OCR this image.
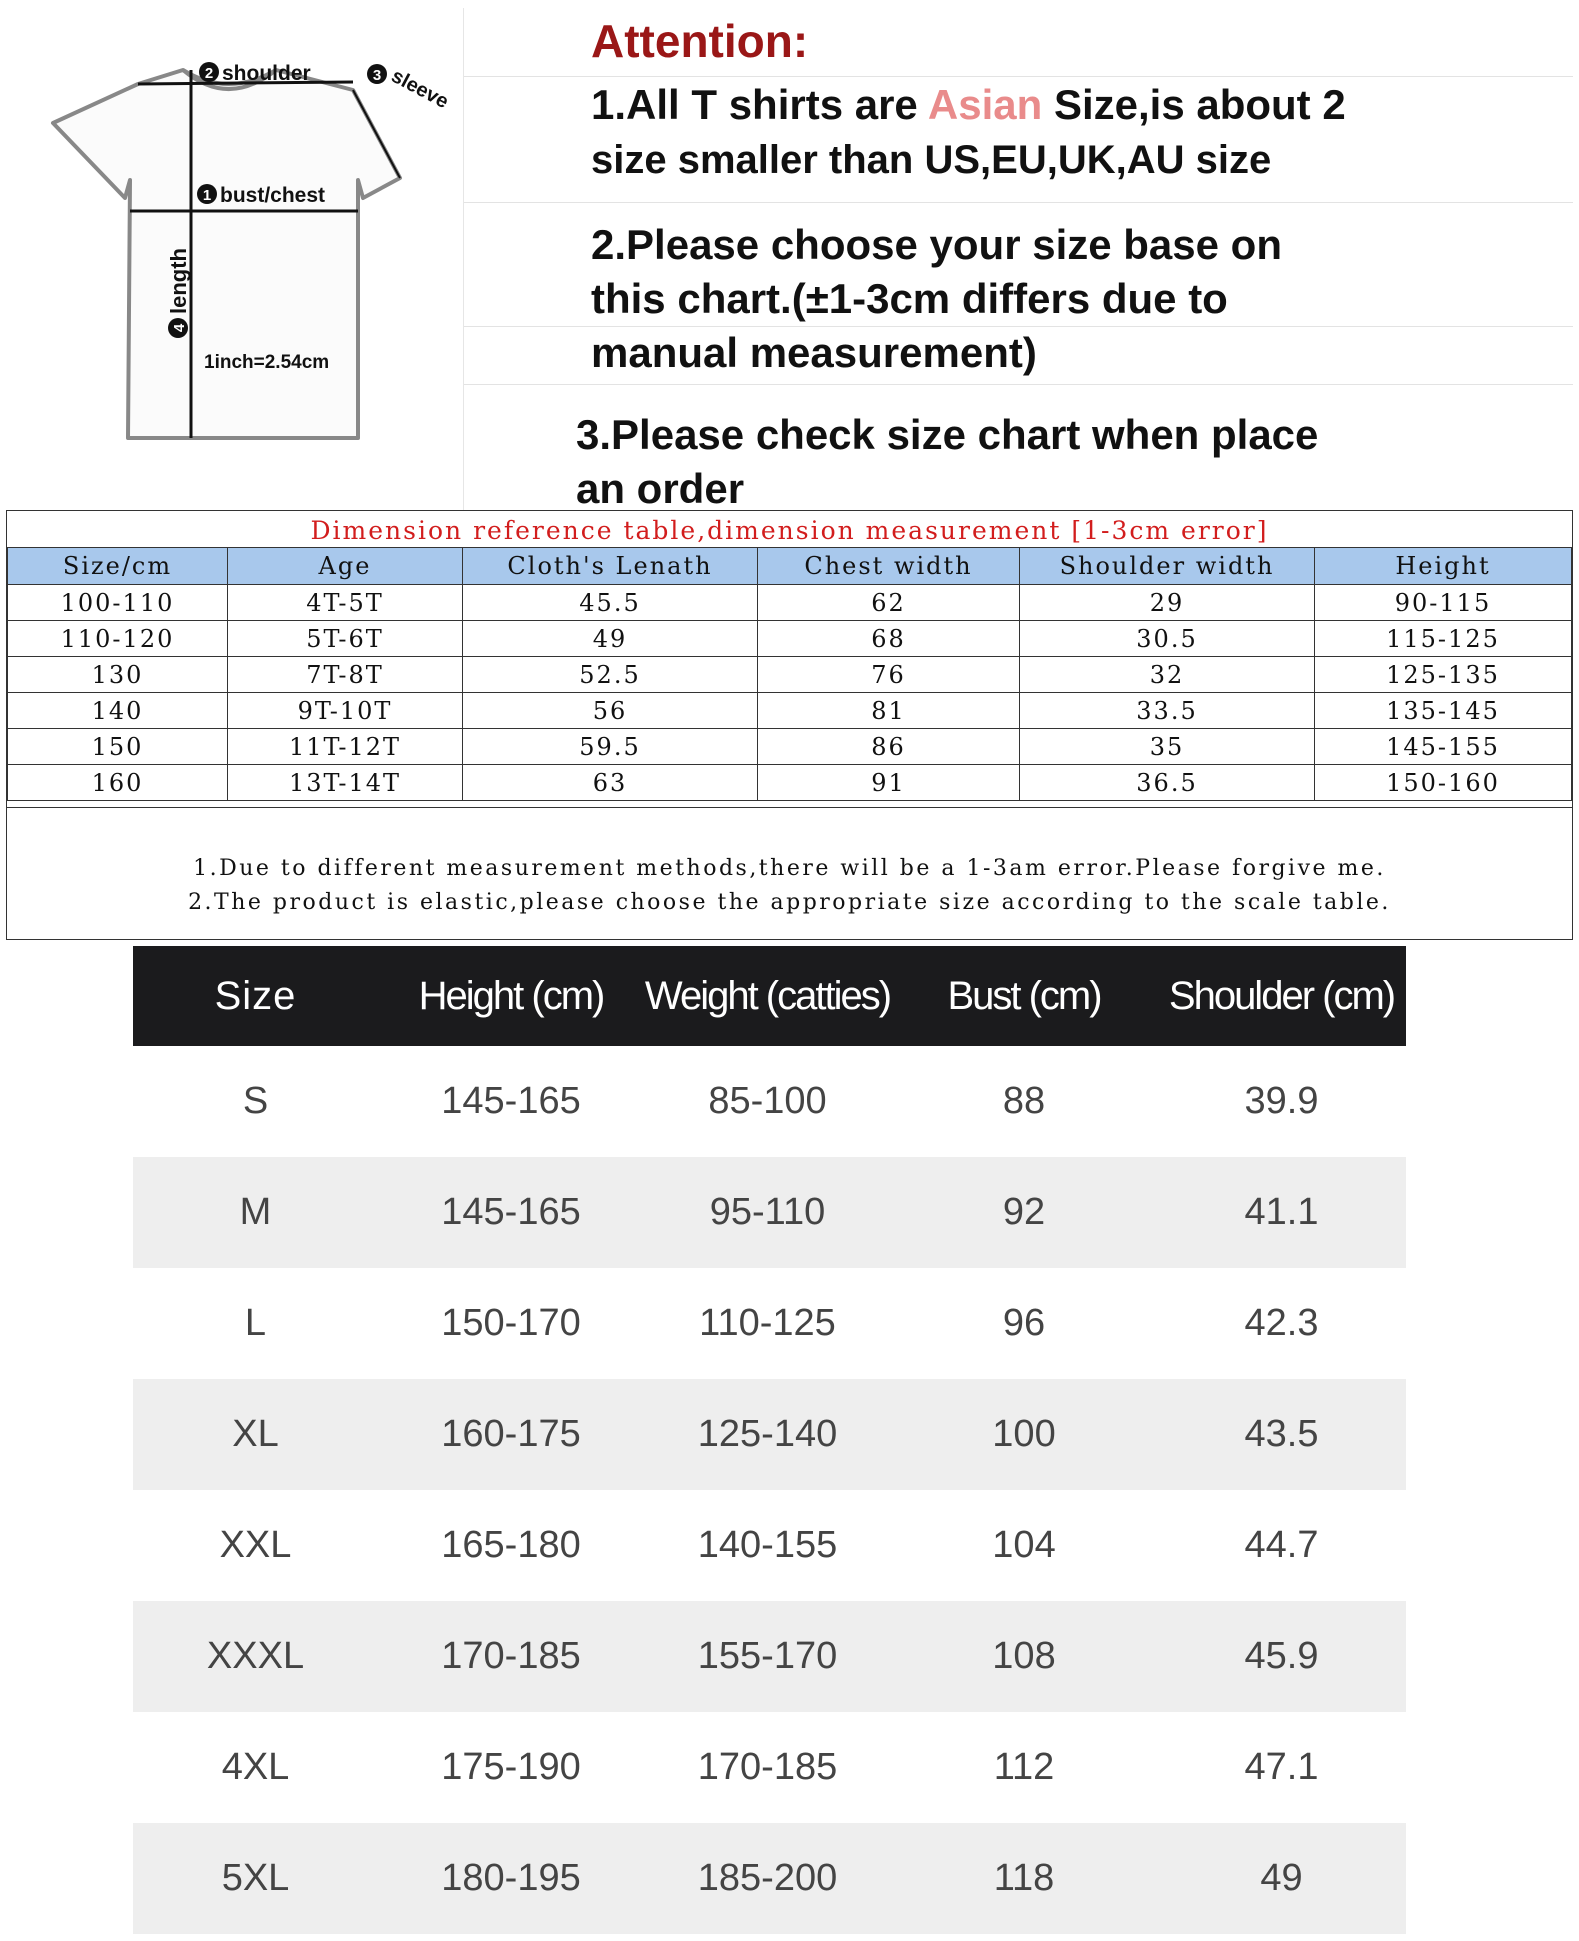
2 shoulder	3 sleeve
1 bust/chest
4
length
1inch=2.54cm
Attention:
1.All T shirts are Asian Size,is about 2
size smaller than US,EU,UK,AU size
2.Please choose your size base on
this chart.(±1-3cm differs due to
manual measurement)
3.Please check size chart when place
an order
Dimension reference table,dimension measurement [1-3cm error]
Size/cm	Age	Cloth's Lenath	Chest width	Shoulder width	Height
100-110	4T-5T	45.5	62	29	90-115
110-120	5T-6T	49	68	30.5	115-125
130	7T-8T	52.5	76	32	125-135
140	9T-10T	56	81	33.5	135-145
150	11T-12T	59.5	86	35	145-155
160	13T-14T	63	91	36.5	150-160
1.Due to different measurement methods,there will be a 1-3am error.Please forgive me.
2.The product is elastic,please choose the appropriate size according to the scale table.
Size	Height (cm)	Weight (catties)	Bust (cm)	Shoulder (cm)
S	145-165	85-100	88	39.9
M	145-165	95-110	92	41.1
L	150-170	110-125	96	42.3
XL	160-175	125-140	100	43.5
XXL	165-180	140-155	104	44.7
XXXL	170-185	155-170	108	45.9
4XL	175-190	170-185	112	47.1
5XL	180-195	185-200	118	49
